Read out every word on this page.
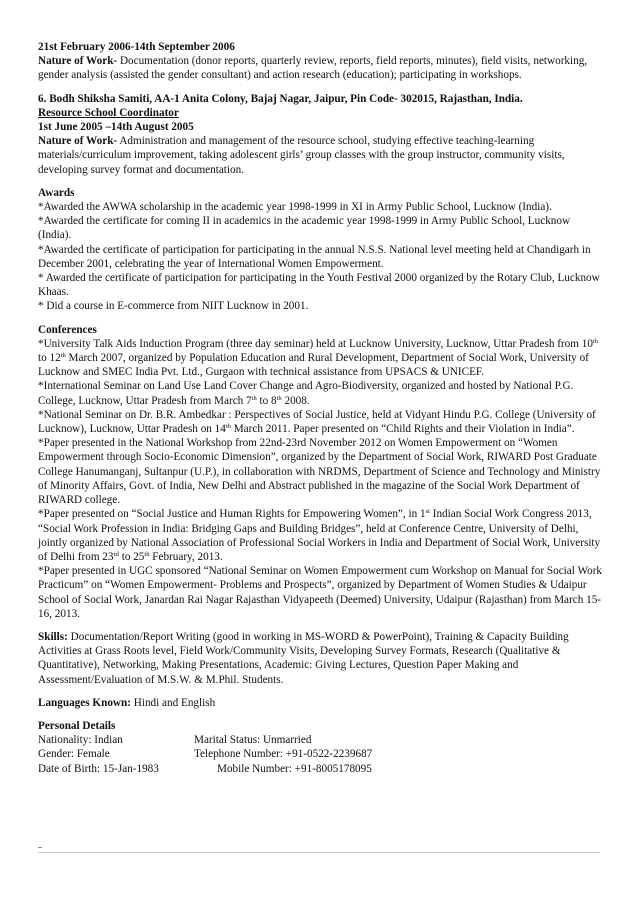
21st February 2006-14th September 2006

Nature of Work- Documentation (donor reports, quarterly review, reports, field reports, minutes), field visits, networking, gender analysis (assisted the gender consultant) and action research (education); participating in workshops.

6. Bodh Shiksha Samiti, AA-1 Anita Colony, Bajaj Nagar, Jaipur, Pin Code- 302015, Rajasthan, India.

Resource School Coordinator

1st June 2005 –14th August 2005

Nature of Work- Administration and management of the resource school, studying effective teaching-learning materials/curriculum improvement, taking adolescent girls’ group classes with the group instructor, community visits, developing survey format and documentation.

Awards

*Awarded the AWWA scholarship in the academic year 1998-1999 in XI in Army Public School, Lucknow (India).

*Awarded the certificate for coming II in academics in the academic year 1998-1999 in Army Public School, Lucknow (India).

*Awarded the certificate of participation for participating in the annual N.S.S. National level meeting held at Chandigarh in December 2001, celebrating the year of International Women Empowerment.

* Awarded the certificate of participation for participating in the Youth Festival 2000 organized by the Rotary Club, Lucknow Khaas.

* Did a course in E-commerce from NIIT Lucknow in 2001.

Conferences

*University Talk Aids Induction Program (three day seminar) held at Lucknow University, Lucknow, Uttar Pradesh from 10th to 12th March 2007, organized by Population Education and Rural Development, Department of Social Work, University of Lucknow and SMEC India Pvt. Ltd., Gurgaon with technical assistance from UPSACS & UNICEF.

*International Seminar on Land Use Land Cover Change and Agro-Biodiversity, organized and hosted by National P.G. College, Lucknow, Uttar Pradesh from March 7th to 8th 2008.

*National Seminar on Dr. B.R. Ambedkar : Perspectives of Social Justice, held at Vidyant Hindu P.G. College (University of Lucknow), Lucknow, Uttar Pradesh on 14th March 2011. Paper presented on “Child Rights and their Violation in India”.

*Paper presented in the National Workshop from 22nd-23rd November 2012 on Women Empowerment on “Women Empowerment through Socio-Economic Dimension”, organized by the Department of Social Work, RIWARD Post Graduate College Hanumanganj, Sultanpur (U.P.), in collaboration with NRDMS, Department of Science and Technology and Ministry of Minority Affairs, Govt. of India, New Delhi and Abstract published in the magazine of the Social Work Department of RIWARD college.

*Paper presented on “Social Justice and Human Rights for Empowering Women”, in 1st Indian Social Work Congress 2013, “Social Work Profession in India: Bridging Gaps and Building Bridges”, held at Conference Centre, University of Delhi, jointly organized by National Association of Professional Social Workers in India and Department of Social Work, University of Delhi from 23rd to 25th February, 2013.

*Paper presented in UGC sponsored “National Seminar on Women Empowerment cum Workshop on Manual for Social Work Practicum” on “Women Empowerment- Problems and Prospects”, organized by Department of Women Studies & Udaipur School of Social Work, Janardan Rai Nagar Rajasthan Vidyapeeth (Deemed) University, Udaipur (Rajasthan) from March 15-16, 2013.

Skills: Documentation/Report Writing (good in working in MS-WORD & PowerPoint), Training & Capacity Building Activities at Grass Roots level, Field Work/Community Visits, Developing Survey Formats, Research (Qualitative & Quantitative), Networking, Making Presentations, Academic: Giving Lectures, Question Paper Making and Assessment/Evaluation of M.S.W. & M.Phil. Students.

Languages Known: Hindi and English

Personal Details

Nationality: Indian	Marital Status: Unmarried
Gender: Female	Telephone Number: +91-0522-2239687
Date of Birth: 15-Jan-1983	Mobile Number: +91-8005178095
